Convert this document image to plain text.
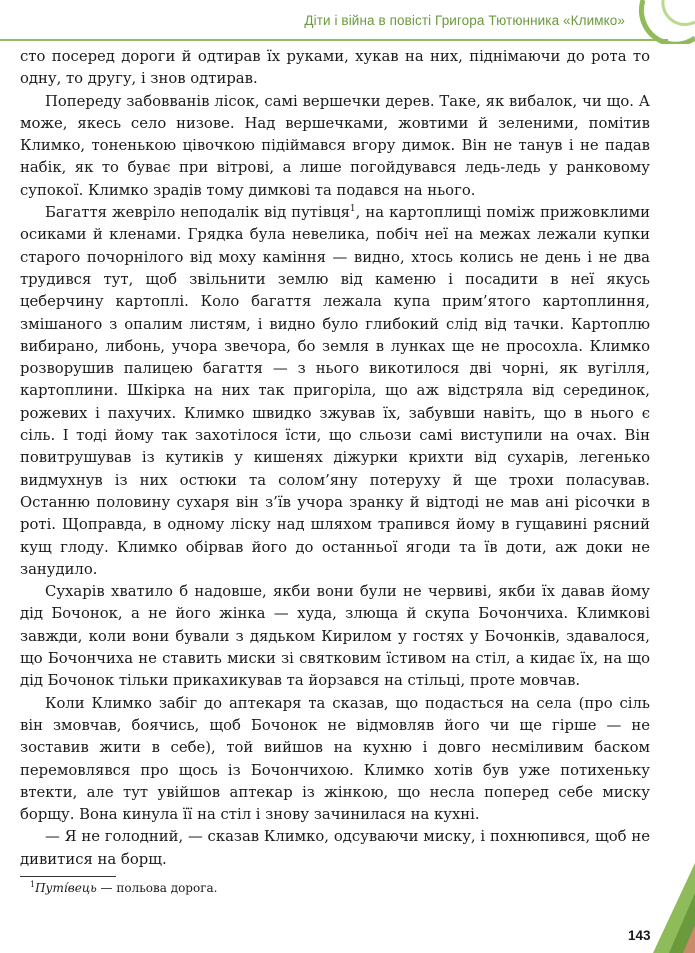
Діти і війна в повісті Григора Тютюнника «Климко»

сто посеред дороги й одтирав їх руками, хукав на них, піднімаючи до рота то одну, то другу, і знов одтирав.

Попереду забовванів лісок, самі вершечки дерев. Таке, як вибалок, чи що. А може, якесь село низове. Над вершечками, жовтими й зеленими, помітив Климко, тоненькою цівочкою підіймався вгору димок. Він не танув і не падав набік, як то буває при вітрові, а лише погойдувався ледь-ледь у ранковому супокої. Климко зрадів тому димкові та подався на нього.

Багаття жевріло неподалік від путівця$^1$, на картоплищі поміж прижовклими осиками й кленами. Грядка була невелика, побіч неї на межах лежали купки старого почорнілого від моху каміння — видно, хтось колись не день і не два трудився тут, щоб звільнити землю від каменю і посадити в неї якусь цеберчину картоплі. Коло багаття лежала купа прим’ятого картоплиння, змішаного з опалим листям, і видно було глибокий слід від тачки. Картоплю вибирано, либонь, учора звечора, бо земля в лунках ще не просохла. Климко розворушив палицею багаття — з нього викотилося дві чорні, як вугілля, картоплини. Шкірка на них так пригоріла, що аж відстряла від серединок, рожевих і пахучих. Климко швидко зжував їх, забувши навіть, що в нього є сіль. І тоді йому так захотілося їсти, що сльози самі виступили на очах. Він повитрушував із кутиків у кишенях діжурки крихти від сухарів, легенько видмухнув із них остюки та солом’яну потеруху й ще трохи поласував. Останню половину сухаря він з’їв учора зранку й відтоді не мав ані рісочки в роті. Щоправда, в одному ліску над шляхом трапився йому в гущавині рясний кущ глоду. Климко обірвав його до останньої ягоди та їв доти, аж доки не занудило.

Сухарів хватило б надовше, якби вони були не червиві, якби їх давав йому дід Бочонок, а не його жінка — худа, злюща й скупа Бочончиха. Климкові завжди, коли вони бували з дядьком Кирилом у гостях у Бочонків, здавалося, що Бочончиха не ставить миски зі святковим їстивом на стіл, а кидає їх, на що дід Бочонок тільки прикахикував та йорзався на стільці, проте мовчав.

Коли Климко забіг до аптекаря та сказав, що подасться на села (про сіль він змовчав, боячись, щоб Бочонок не відмовляв його чи ще гірше — не зоставив жити в себе), той вийшов на кухню і довго несміливим баском перемовлявся про щось із Бочончихою. Климко хотів був уже потихеньку втекти, але тут увійшов аптекар із жінкою, що несла поперед себе миску борщу. Вона кинула її на стіл і знову зачинилася на кухні.

— Я не голодний, — сказав Климко, одсуваючи миску, і похнюпився, щоб не дивитися на борщ.

$^1$Путі́вець — польова дорога.
143
